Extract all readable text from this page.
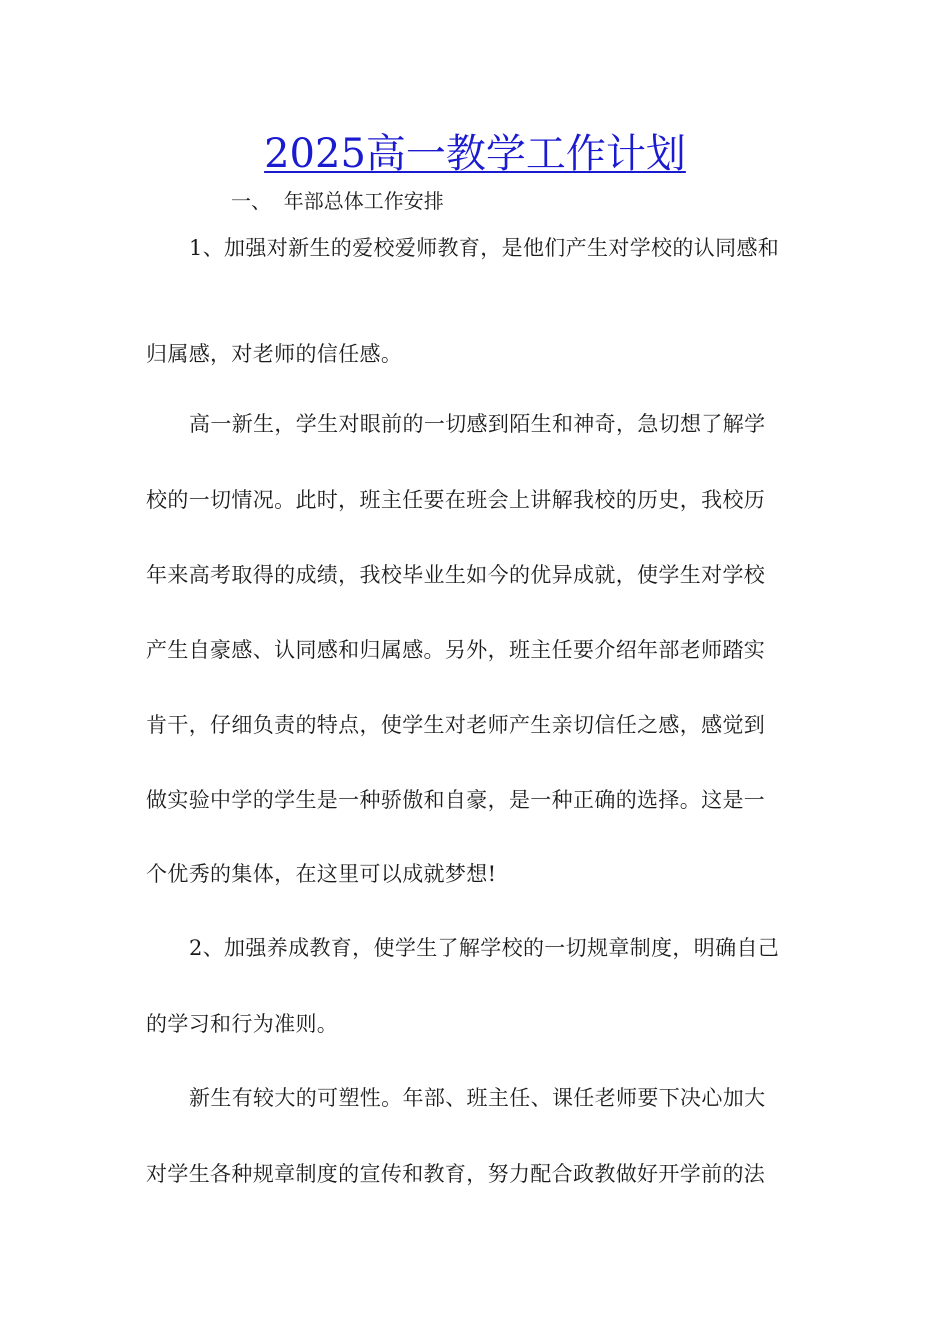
2025高一教学工作计划
一、  年部总体工作安排
1、加强对新生的爱校爱师教育，是他们产生对学校的认同感和
归属感，对老师的信任感。
高一新生，学生对眼前的一切感到陌生和神奇，急切想了解学
校的一切情况。此时，班主任要在班会上讲解我校的历史，我校历
年来高考取得的成绩，我校毕业生如今的优异成就，使学生对学校
产生自豪感、认同感和归属感。另外，班主任要介绍年部老师踏实
肯干，仔细负责的特点，使学生对老师产生亲切信任之感，感觉到
做实验中学的学生是一种骄傲和自豪，是一种正确的选择。这是一
个优秀的集体，在这里可以成就梦想!
2、加强养成教育，使学生了解学校的一切规章制度，明确自己
的学习和行为准则。
新生有较大的可塑性。年部、班主任、课任老师要下决心加大
对学生各种规章制度的宣传和教育，努力配合政教做好开学前的法
